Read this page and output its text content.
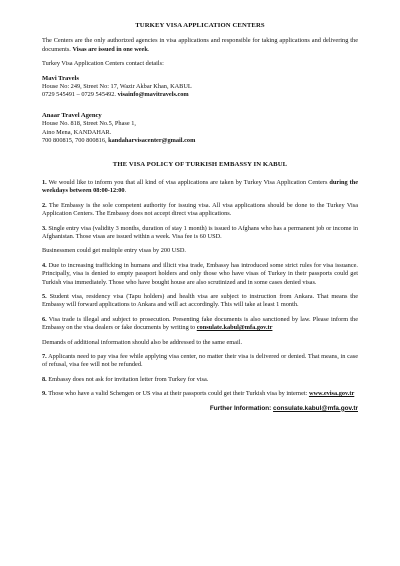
TURKEY VISA APPLICATION CENTERS

The Centers are the only authorized agencies in visa applications and responsible for taking applications and delivering the documents. Visas are issued in one week.

Turkey Visa Application Centers contact details:

Mavi Travels

House No: 249, Street No: 17, Wazir Akbar Khan, KABUL

0729 545491 – 0729 545492. visainfo@mavitravels.com

Anaar Travel Agency

House No. 818, Street No.5, Phase 1,

Aino Mena, KANDAHAR.

700 800815, 700 800816, kandaharvisacenter@gmail.com

THE VISA POLICY OF TURKISH EMBASSY IN KABUL

1. We would like to inform you that all kind of visa applications are taken by Turkey Visa Application Centers during the weekdays between 08:00-12:00.

2. The Embassy is the sole competent authority for issuing visa. All visa applications should be done to the Turkey Visa Application Centers. The Embassy does not accept direct visa applications.

3. Single entry visa (validity 3 months, duration of stay 1 month) is issued to Afghans who has a permanent job or income in Afghanistan. Those visas are issued within a week. Visa fee is 60 USD.

Businessmen could get multiple entry visas by 200 USD.

4. Due to increasing trafficking in humans and illicit visa trade, Embassy has introduced some strict rules for visa issuance. Principally, visa is denied to empty passport holders and only those who have visas of Turkey in their passports could get Turkish visa immediately. Those who have bought house are also scrutinized and in some cases denied visas.

5. Student visa, residency visa (Tapu holders) and health visa are subject to instruction from Ankara. That means the Embassy will forward applications to Ankara and will act accordingly. This will take at least 1 month.

6. Visa trade is illegal and subject to prosecution. Presenting fake documents is also sanctioned by law. Please inform the Embassy on the visa dealers or fake documents by writing to consulate.kabul@mfa.gov.tr

Demands of additional information should also be addressed to the same email.

7. Applicants need to pay visa fee while applying visa center, no matter their visa is delivered or denied. That means, in case of refusal, visa fee will not be refunded.

8. Embassy does not ask for invitation letter from Turkey for visa.

9. Those who have a valid Schengen or US visa at their passports could get their Turkish visa by internet: www.evisa.gov.tr

Further Information: consulate.kabul@mfa.gov.tr
